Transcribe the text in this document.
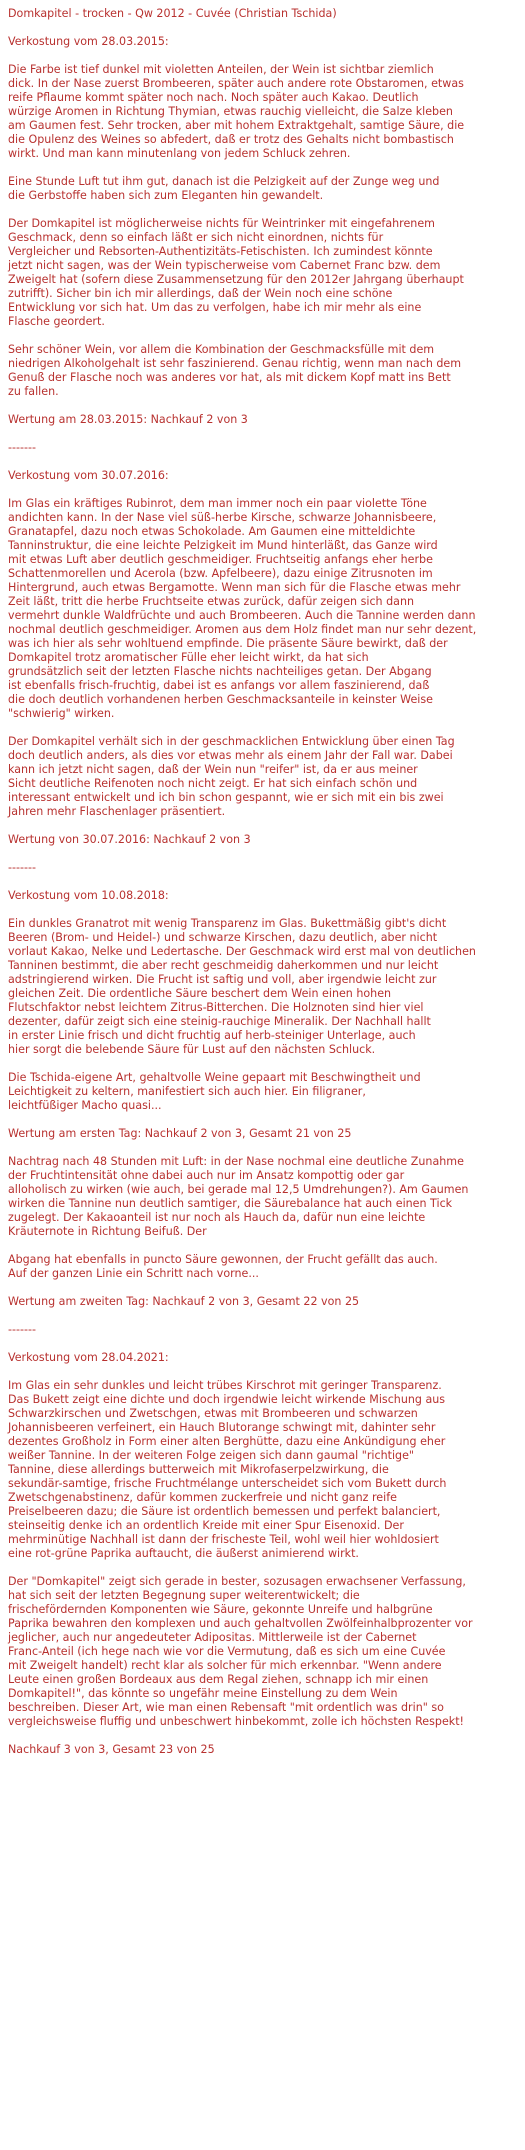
Domkapitel - trocken - Qw 2012 - Cuvée (Christian Tschida)

Verkostung vom 28.03.2015:

Die Farbe ist tief dunkel mit violetten Anteilen, der Wein ist sichtbar ziemlich
dick. In der Nase zuerst Brombeeren, später auch andere rote Obstaromen, etwas
reife Pflaume kommt später noch nach. Noch später auch Kakao. Deutlich
würzige Aromen in Richtung Thymian, etwas rauchig vielleicht, die Salze kleben
am Gaumen fest. Sehr trocken, aber mit hohem Extraktgehalt, samtige Säure, die
die Opulenz des Weines so abfedert, daß er trotz des Gehalts nicht bombastisch
wirkt. Und man kann minutenlang von jedem Schluck zehren.

Eine Stunde Luft tut ihm gut, danach ist die Pelzigkeit auf der Zunge weg und
die Gerbstoffe haben sich zum Eleganten hin gewandelt.

Der Domkapitel ist möglicherweise nichts für Weintrinker mit eingefahrenem
Geschmack, denn so einfach läßt er sich nicht einordnen, nichts für
Vergleicher und Rebsorten-Authentizitäts-Fetischisten. Ich zumindest könnte
jetzt nicht sagen, was der Wein typischerweise vom Cabernet Franc bzw. dem
Zweigelt hat (sofern diese Zusammensetzung für den 2012er Jahrgang überhaupt
zutrifft). Sicher bin ich mir allerdings, daß der Wein noch eine schöne
Entwicklung vor sich hat. Um das zu verfolgen, habe ich mir mehr als eine
Flasche geordert.

Sehr schöner Wein, vor allem die Kombination der Geschmacksfülle mit dem
niedrigen Alkoholgehalt ist sehr faszinierend. Genau richtig, wenn man nach dem
Genuß der Flasche noch was anderes vor hat, als mit dickem Kopf matt ins Bett
zu fallen.

Wertung am 28.03.2015: Nachkauf 2 von 3

-------

Verkostung vom 30.07.2016:

Im Glas ein kräftiges Rubinrot, dem man immer noch ein paar violette Töne
andichten kann. In der Nase viel süß-herbe Kirsche, schwarze Johannisbeere,
Granatapfel, dazu noch etwas Schokolade. Am Gaumen eine mitteldichte
Tanninstruktur, die eine leichte Pelzigkeit im Mund hinterläßt, das Ganze wird
mit etwas Luft aber deutlich geschmeidiger. Fruchtseitig anfangs eher herbe
Schattenmorellen und Acerola (bzw. Apfelbeere), dazu einige Zitrusnoten im
Hintergrund, auch etwas Bergamotte. Wenn man sich für die Flasche etwas mehr
Zeit läßt, tritt die herbe Fruchtseite etwas zurück, dafür zeigen sich dann
vermehrt dunkle Waldfrüchte und auch Brombeeren. Auch die Tannine werden dann
nochmal deutlich geschmeidiger. Aromen aus dem Holz findet man nur sehr dezent,
was ich hier als sehr wohltuend empfinde. Die präsente Säure bewirkt, daß der
Domkapitel trotz aromatischer Fülle eher leicht wirkt, da hat sich
grundsätzlich seit der letzten Flasche nichts nachteiliges getan. Der Abgang
ist ebenfalls frisch-fruchtig, dabei ist es anfangs vor allem faszinierend, daß
die doch deutlich vorhandenen herben Geschmacksanteile in keinster Weise
"schwierig" wirken.

Der Domkapitel verhält sich in der geschmacklichen Entwicklung über einen Tag
doch deutlich anders, als dies vor etwas mehr als einem Jahr der Fall war. Dabei
kann ich jetzt nicht sagen, daß der Wein nun "reifer" ist, da er aus meiner
Sicht deutliche Reifenoten noch nicht zeigt. Er hat sich einfach schön und
interessant entwickelt und ich bin schon gespannt, wie er sich mit ein bis zwei
Jahren mehr Flaschenlager präsentiert.

Wertung von 30.07.2016: Nachkauf 2 von 3

-------

Verkostung vom 10.08.2018:

Ein dunkles Granatrot mit wenig Transparenz im Glas. Bukettmäßig gibt's dicht
Beeren (Brom- und Heidel-) und schwarze Kirschen, dazu deutlich, aber nicht
vorlaut Kakao, Nelke und Ledertasche. Der Geschmack wird erst mal von deutlichen
Tanninen bestimmt, die aber recht geschmeidig daherkommen und nur leicht
adstringierend wirken. Die Frucht ist saftig und voll, aber irgendwie leicht zur
gleichen Zeit. Die ordentliche Säure beschert dem Wein einen hohen
Flutschfaktor nebst leichtem Zitrus-Bitterchen. Die Holznoten sind hier viel
dezenter, dafür zeigt sich eine steinig-rauchige Mineralik. Der Nachhall hallt
in erster Linie frisch und dicht fruchtig auf herb-steiniger Unterlage, auch
hier sorgt die belebende Säure für Lust auf den nächsten Schluck.

Die Tschida-eigene Art, gehaltvolle Weine gepaart mit Beschwingtheit und
Leichtigkeit zu keltern, manifestiert sich auch hier. Ein filigraner,
leichtfüßiger Macho quasi...

Wertung am ersten Tag: Nachkauf 2 von 3, Gesamt 21 von 25

Nachtrag nach 48 Stunden mit Luft: in der Nase nochmal eine deutliche Zunahme
der Fruchtintensität ohne dabei auch nur im Ansatz kompottig oder gar
alloholisch zu wirken (wie auch, bei gerade mal 12,5 Umdrehungen?). Am Gaumen
wirken die Tannine nun deutlich samtiger, die Säurebalance hat auch einen Tick
zugelegt. Der Kakaoanteil ist nur noch als Hauch da, dafür nun eine leichte
Kräuternote in Richtung Beifuß. Der

Abgang hat ebenfalls in puncto Säure gewonnen, der Frucht gefällt das auch.
Auf der ganzen Linie ein Schritt nach vorne...

Wertung am zweiten Tag: Nachkauf 2 von 3, Gesamt 22 von 25

-------

Verkostung vom 28.04.2021:

Im Glas ein sehr dunkles und leicht trübes Kirschrot mit geringer Transparenz.
Das Bukett zeigt eine dichte und doch irgendwie leicht wirkende Mischung aus
Schwarzkirschen und Zwetschgen, etwas mit Brombeeren und schwarzen
Johannisbeeren verfeinert, ein Hauch Blutorange schwingt mit, dahinter sehr
dezentes Großholz in Form einer alten Berghütte, dazu eine Ankündigung eher
weißer Tannine. In der weiteren Folge zeigen sich dann gaumal "richtige"
Tannine, diese allerdings butterweich mit Mikrofaserpelzwirkung, die
sekundär-samtige, frische Fruchtmélange unterscheidet sich vom Bukett durch
Zwetschgenabstinenz, dafür kommen zuckerfreie und nicht ganz reife
Preiselbeeren dazu; die Säure ist ordentlich bemessen und perfekt balanciert,
steinseitig denke ich an ordentlich Kreide mit einer Spur Eisenoxid. Der
mehrminütige Nachhall ist dann der frischeste Teil, wohl weil hier wohldosiert
eine rot-grüne Paprika auftaucht, die äußerst animierend wirkt.

Der "Domkapitel" zeigt sich gerade in bester, sozusagen erwachsener Verfassung,
hat sich seit der letzten Begegnung super weiterentwickelt; die
frischefördernden Komponenten wie Säure, gekonnte Unreife und halbgrüne
Paprika bewahren den komplexen und auch gehaltvollen Zwölfeinhalbprozenter vor
jeglicher, auch nur angedeuteter Adipositas. Mittlerweile ist der Cabernet
Franc-Anteil (ich hege nach wie vor die Vermutung, daß es sich um eine Cuvée
mit Zweigelt handelt) recht klar als solcher für mich erkennbar. "Wenn andere
Leute einen großen Bordeaux aus dem Regal ziehen, schnapp ich mir einen
Domkapitel!", das könnte so ungefähr meine Einstellung zu dem Wein
beschreiben. Dieser Art, wie man einen Rebensaft "mit ordentlich was drin" so
vergleichsweise fluffig und unbeschwert hinbekommt, zolle ich höchsten Respekt!

Nachkauf 3 von 3, Gesamt 23 von 25
